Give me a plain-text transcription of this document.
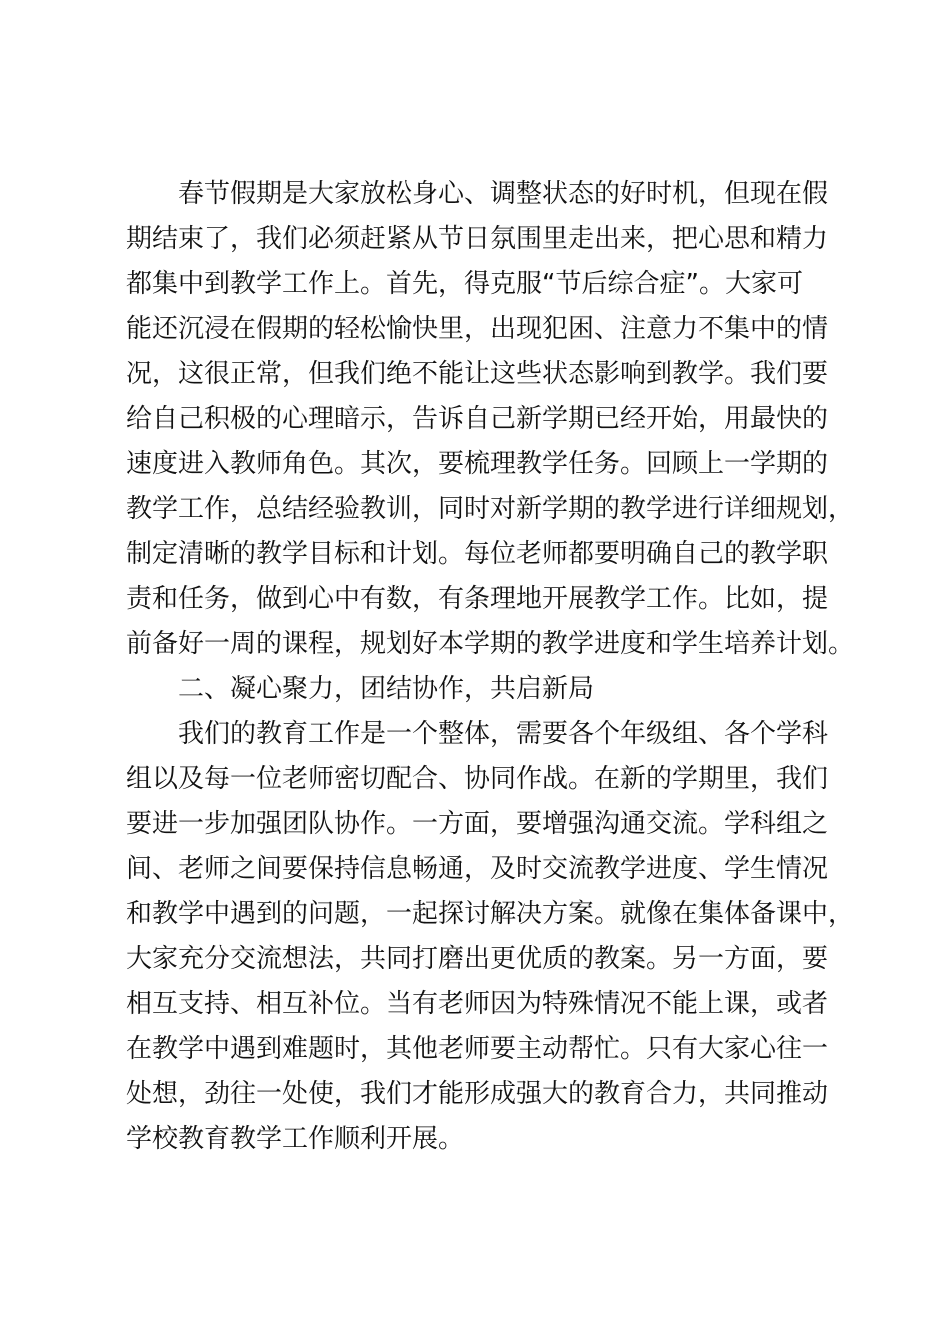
春节假期是大家放松身心、调整状态的好时机，但现在假
期结束了，我们必须赶紧从节日氛围里走出来，把心思和精力
都集中到教学工作上。首先，得克服“节后综合症”。大家可
能还沉浸在假期的轻松愉快里，出现犯困、注意力不集中的情
况，这很正常，但我们绝不能让这些状态影响到教学。我们要
给自己积极的心理暗示，告诉自己新学期已经开始，用最快的
速度进入教师角色。其次，要梳理教学任务。回顾上一学期的
教学工作，总结经验教训，同时对新学期的教学进行详细规划，
制定清晰的教学目标和计划。每位老师都要明确自己的教学职
责和任务，做到心中有数，有条理地开展教学工作。比如，提
前备好一周的课程，规划好本学期的教学进度和学生培养计划。
二、凝心聚力，团结协作，共启新局
我们的教育工作是一个整体，需要各个年级组、各个学科
组以及每一位老师密切配合、协同作战。在新的学期里，我们
要进一步加强团队协作。一方面，要增强沟通交流。学科组之
间、老师之间要保持信息畅通，及时交流教学进度、学生情况
和教学中遇到的问题，一起探讨解决方案。就像在集体备课中，
大家充分交流想法，共同打磨出更优质的教案。另一方面，要
相互支持、相互补位。当有老师因为特殊情况不能上课，或者
在教学中遇到难题时，其他老师要主动帮忙。只有大家心往一
处想，劲往一处使，我们才能形成强大的教育合力，共同推动
学校教育教学工作顺利开展。
